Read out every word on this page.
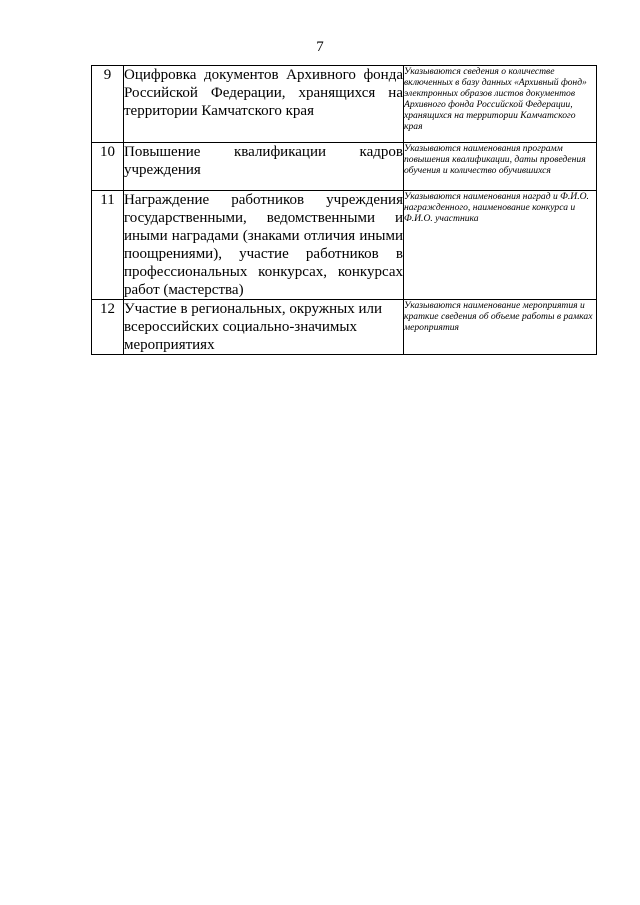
7
9	Оцифровка документов Архивного фонда Российской Федерации, хранящихся на территории Камчатского края	Указываются сведения о количестве включенных в базу данных «Архивный фонд» электронных образов листов документов Архивного фонда Российской Федерации, хранящихся на территории Камчатского края
10	Повышение квалификации кадров учреждения	Указываются наименования программ повышения квалификации, даты проведения обучения и количество обучившихся
11	Награждение работников учреждения государственными, ведомственными и иными наградами (знаками отличия иными поощрениями), участие работников в профессиональных конкурсах, конкурсах работ (мастерства)	Указываются наименования наград и Ф.И.О. награжденного, наименование конкурса и Ф.И.О. участника
12	Участие в региональных, окружных или всероссийских социально-значимых мероприятиях	Указываются наименование мероприятия и краткие сведения об объеме работы в рамках мероприятия
